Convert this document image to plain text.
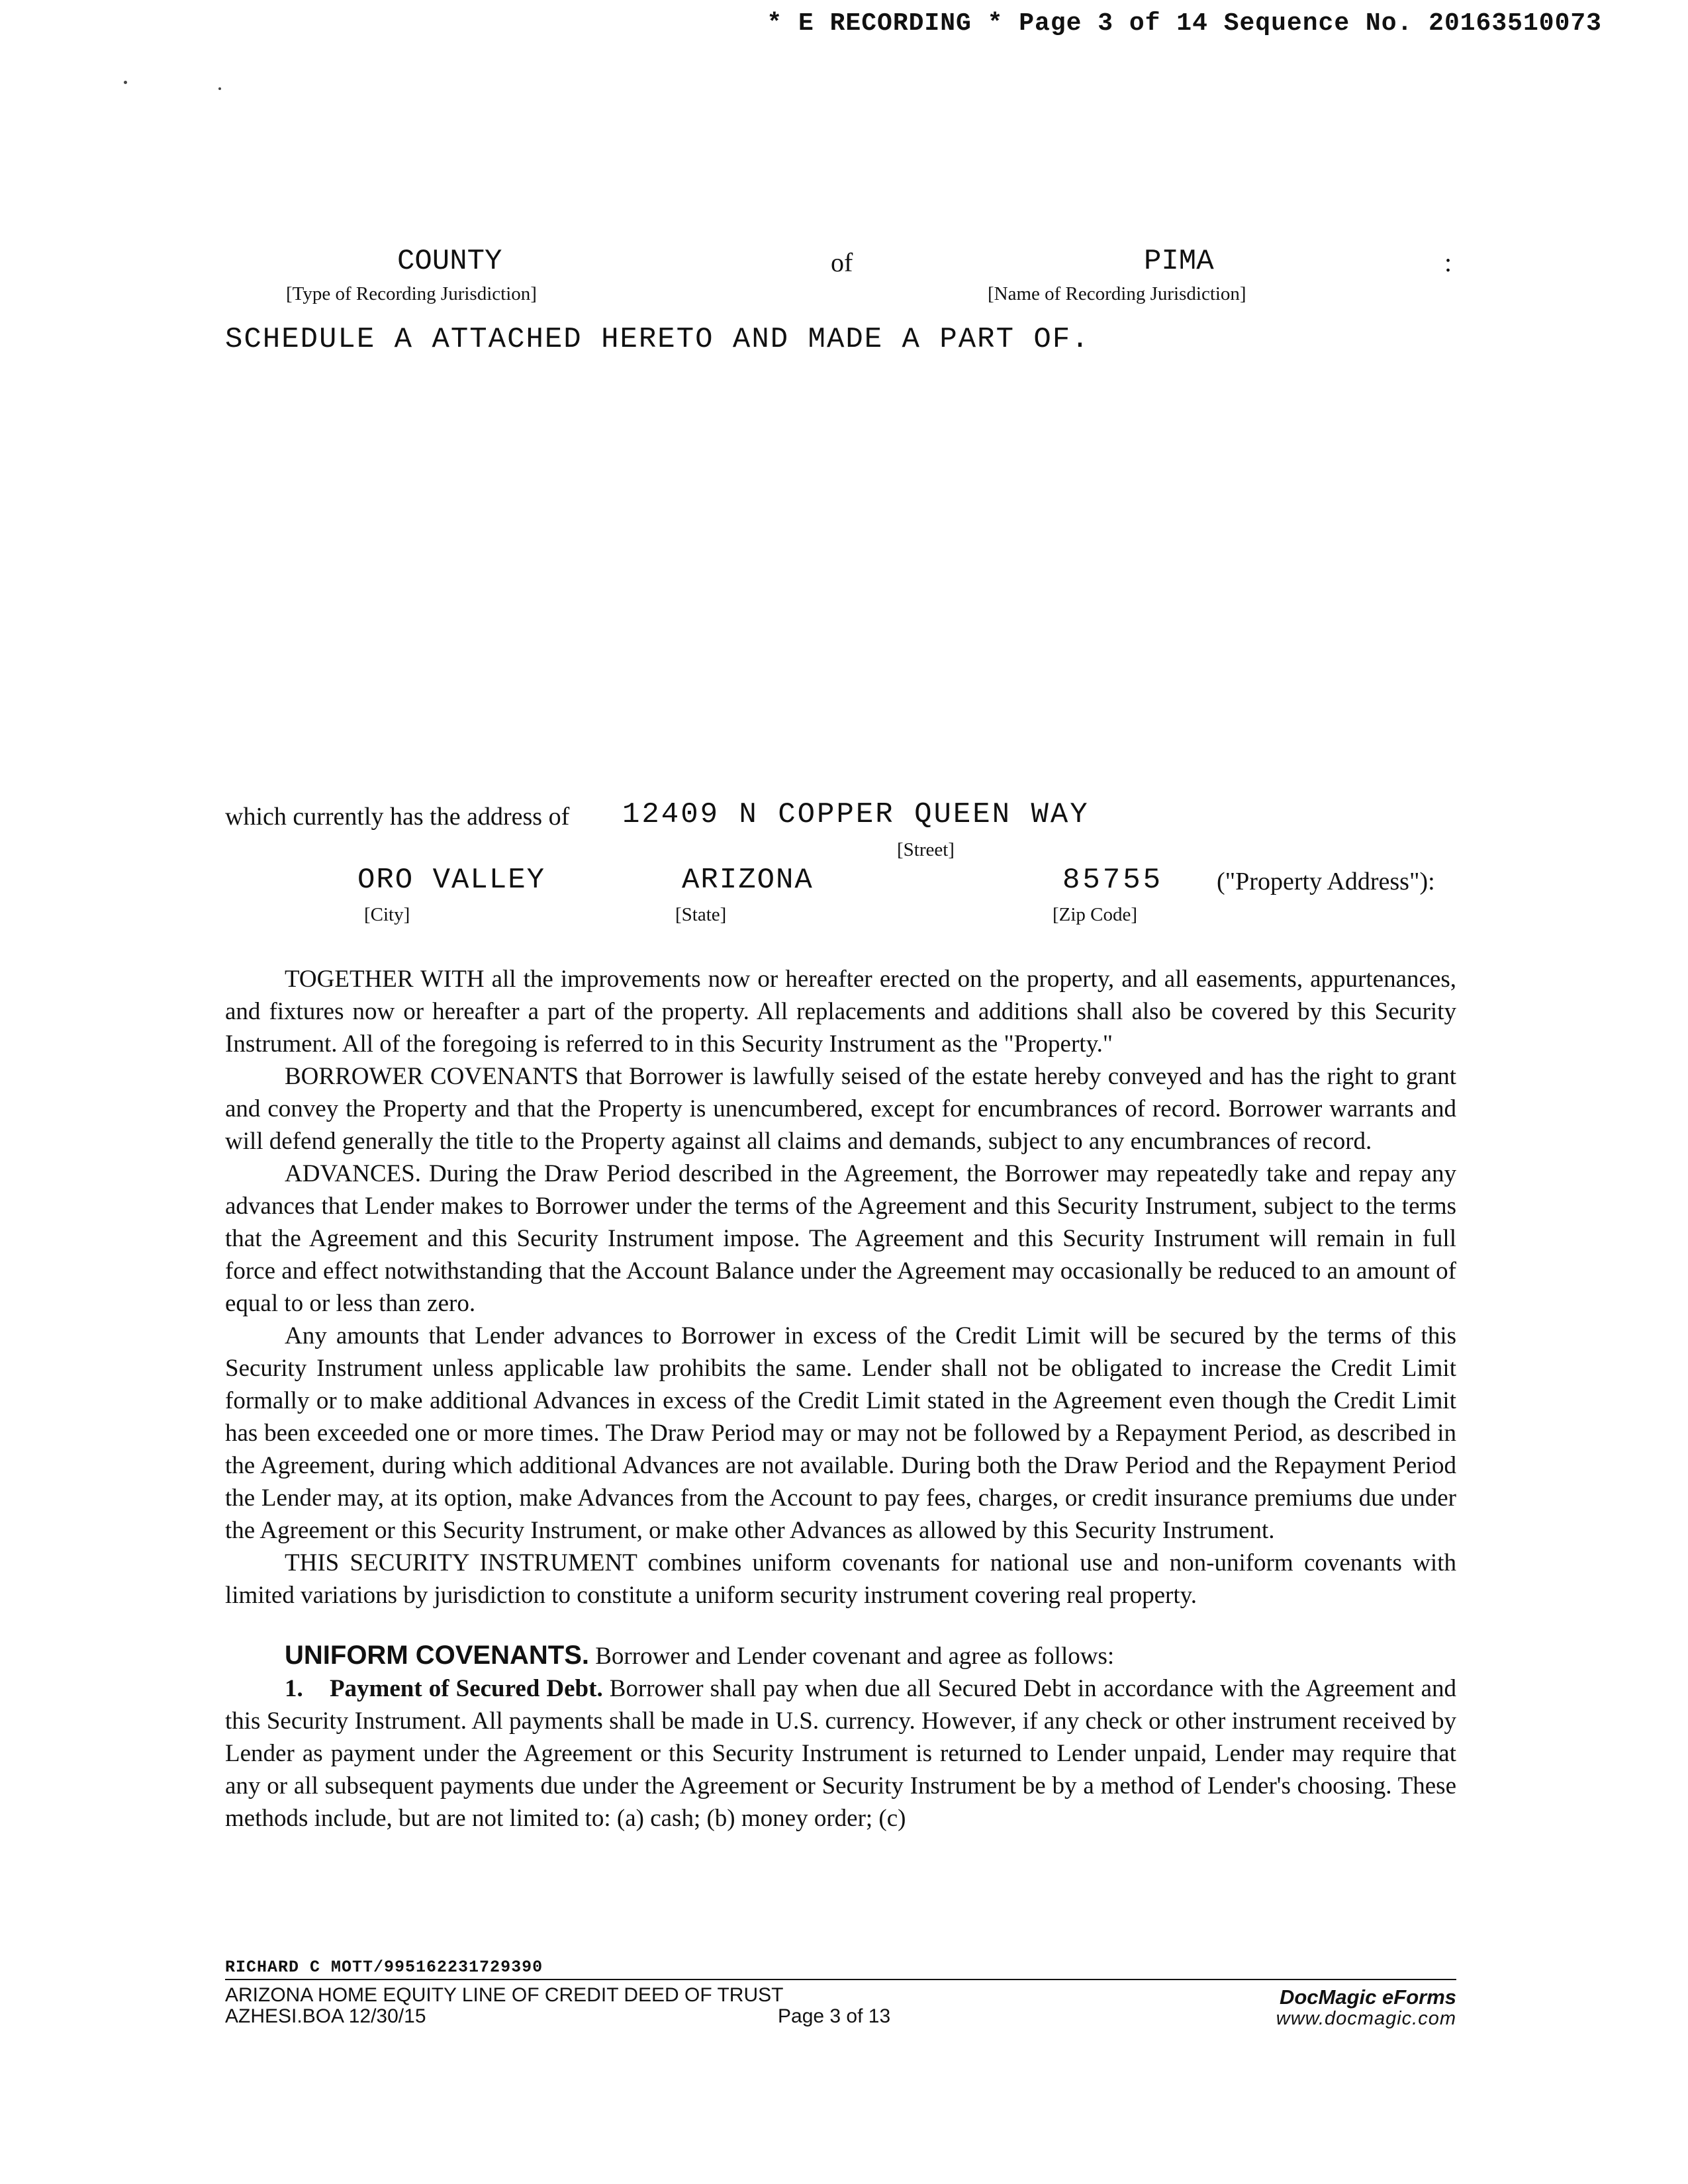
* E RECORDING * Page 3 of 14 Sequence No. 20163510073
COUNTY	of	PIMA	:
[Type of Recording Jurisdiction]	[Name of Recording Jurisdiction]
SCHEDULE A ATTACHED HERETO AND MADE A PART OF.
which currently has the address of 12409 N COPPER QUEEN WAY
[Street]
ORO VALLEY	ARIZONA	85755 ("Property Address"):
[City]	[State]	[Zip Code]

TOGETHER WITH all the improvements now or hereafter erected on the property, and all easements, appurtenances, and fixtures now or hereafter a part of the property. All replacements and additions shall also be covered by this Security Instrument. All of the foregoing is referred to in this Security Instrument as the "Property."

BORROWER COVENANTS that Borrower is lawfully seised of the estate hereby conveyed and has the right to grant and convey the Property and that the Property is unencumbered, except for encumbrances of record. Borrower warrants and will defend generally the title to the Property against all claims and demands, subject to any encumbrances of record.

ADVANCES. During the Draw Period described in the Agreement, the Borrower may repeatedly take and repay any advances that Lender makes to Borrower under the terms of the Agreement and this Security Instrument, subject to the terms that the Agreement and this Security Instrument impose. The Agreement and this Security Instrument will remain in full force and effect notwithstanding that the Account Balance under the Agreement may occasionally be reduced to an amount of equal to or less than zero.

Any amounts that Lender advances to Borrower in excess of the Credit Limit will be secured by the terms of this Security Instrument unless applicable law prohibits the same. Lender shall not be obligated to increase the Credit Limit formally or to make additional Advances in excess of the Credit Limit stated in the Agreement even though the Credit Limit has been exceeded one or more times. The Draw Period may or may not be followed by a Repayment Period, as described in the Agreement, during which additional Advances are not available. During both the Draw Period and the Repayment Period the Lender may, at its option, make Advances from the Account to pay fees, charges, or credit insurance premiums due under the Agreement or this Security Instrument, or make other Advances as allowed by this Security Instrument.

THIS SECURITY INSTRUMENT combines uniform covenants for national use and non-uniform covenants with limited variations by jurisdiction to constitute a uniform security instrument covering real property.

UNIFORM COVENANTS. Borrower and Lender covenant and agree as follows:

1. Payment of Secured Debt. Borrower shall pay when due all Secured Debt in accordance with the Agreement and this Security Instrument. All payments shall be made in U.S. currency. However, if any check or other instrument received by Lender as payment under the Agreement or this Security Instrument is returned to Lender unpaid, Lender may require that any or all subsequent payments due under the Agreement or Security Instrument be by a method of Lender's choosing. These methods include, but are not limited to: (a) cash; (b) money order; (c)

RICHARD C MOTT/995162231729390
ARIZONA HOME EQUITY LINE OF CREDIT DEED OF TRUST
AZHESI.BOA 12/30/15	Page 3 of 13
DocMagic eForms
www.docmagic.com
